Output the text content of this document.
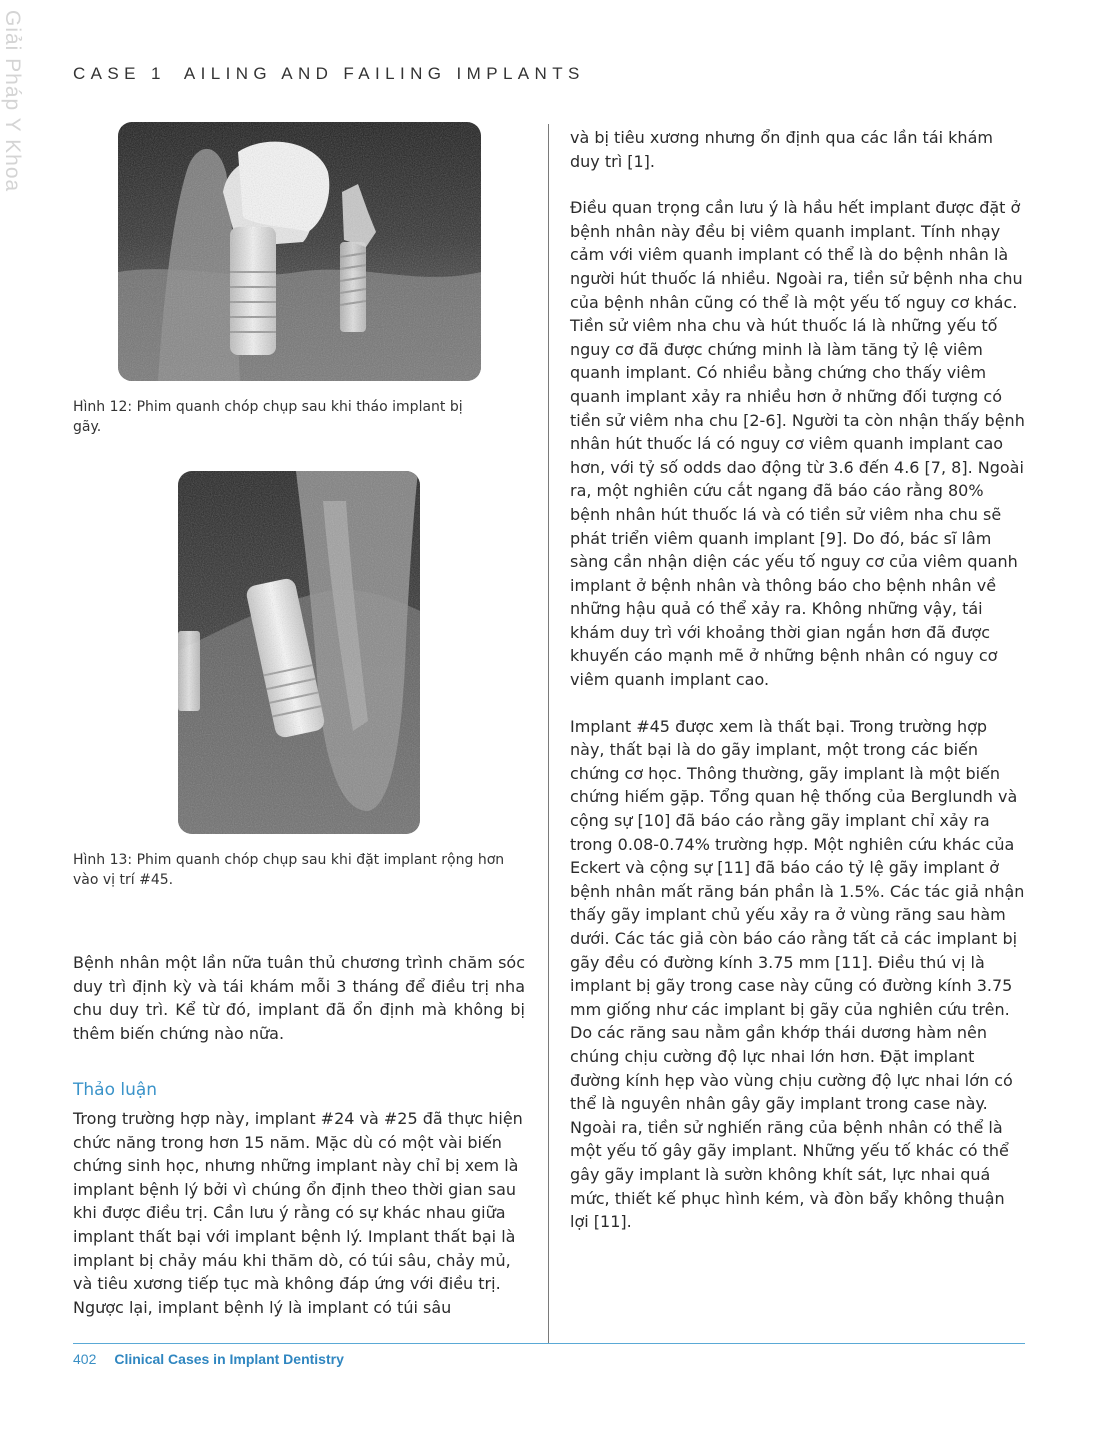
Giải Pháp Y Khoa	CASE 1 AILING AND FAILING IMPLANTS
Hình 12: Phim quanh chóp chụp sau khi tháo implant bị gãy.
Hình 13: Phim quanh chóp chụp sau khi đặt implant rộng hơn vào vị trí #45.

Bệnh nhân một lần nữa tuân thủ chương trình chăm sóc duy trì định kỳ và tái khám mỗi 3 tháng để điều trị nha chu duy trì. Kể từ đó, implant đã ổn định mà không bị thêm biến chứng nào nữa.

Thảo luận

Trong trường hợp này, implant #24 và #25 đã thực hiện chức năng trong hơn 15 năm. Mặc dù có một vài biến chứng sinh học, nhưng những implant này chỉ bị xem là implant bệnh lý bởi vì chúng ổn định theo thời gian sau khi được điều trị. Cần lưu ý rằng có sự khác nhau giữa implant thất bại với implant bệnh lý. Implant thất bại là implant bị chảy máu khi thăm dò, có túi sâu, chảy mủ, và tiêu xương tiếp tục mà không đáp ứng với điều trị. Ngược lại, implant bệnh lý là implant có túi sâu

và bị tiêu xương nhưng ổn định qua các lần tái khám duy trì [1].

Điều quan trọng cần lưu ý là hầu hết implant được đặt ở bệnh nhân này đều bị viêm quanh implant. Tính nhạy cảm với viêm quanh implant có thể là do bệnh nhân là người hút thuốc lá nhiều. Ngoài ra, tiền sử bệnh nha chu của bệnh nhân cũng có thể là một yếu tố nguy cơ khác. Tiền sử viêm nha chu và hút thuốc lá là những yếu tố nguy cơ đã được chứng minh là làm tăng tỷ lệ viêm quanh implant. Có nhiều bằng chứng cho thấy viêm quanh implant xảy ra nhiều hơn ở những đối tượng có tiền sử viêm nha chu [2-6]. Người ta còn nhận thấy bệnh nhân hút thuốc lá có nguy cơ viêm quanh implant cao hơn, với tỷ số odds dao động từ 3.6 đến 4.6 [7, 8]. Ngoài ra, một nghiên cứu cắt ngang đã báo cáo rằng 80% bệnh nhân hút thuốc lá và có tiền sử viêm nha chu sẽ phát triển viêm quanh implant [9]. Do đó, bác sĩ lâm sàng cần nhận diện các yếu tố nguy cơ của viêm quanh implant ở bệnh nhân và thông báo cho bệnh nhân về những hậu quả có thể xảy ra. Không những vậy, tái khám duy trì với khoảng thời gian ngắn hơn đã được khuyến cáo mạnh mẽ ở những bệnh nhân có nguy cơ viêm quanh implant cao.

Implant #45 được xem là thất bại. Trong trường hợp này, thất bại là do gãy implant, một trong các biến chứng cơ học. Thông thường, gãy implant là một biến chứng hiếm gặp. Tổng quan hệ thống của Berglundh và cộng sự [10] đã báo cáo rằng gãy implant chỉ xảy ra trong 0.08-0.74% trường hợp. Một nghiên cứu khác của Eckert và cộng sự [11] đã báo cáo tỷ lệ gãy implant ở bệnh nhân mất răng bán phần là 1.5%. Các tác giả nhận thấy gãy implant chủ yếu xảy ra ở vùng răng sau hàm dưới. Các tác giả còn báo cáo rằng tất cả các implant bị gãy đều có đường kính 3.75 mm [11]. Điều thú vị là implant bị gãy trong case này cũng có đường kính 3.75 mm giống như các implant bị gãy của nghiên cứu trên. Do các răng sau nằm gần khớp thái dương hàm nên chúng chịu cường độ lực nhai lớn hơn. Đặt implant đường kính hẹp vào vùng chịu cường độ lực nhai lớn có thể là nguyên nhân gây gãy implant trong case này. Ngoài ra, tiền sử nghiến răng của bệnh nhân có thể là một yếu tố gây gãy implant. Những yếu tố khác có thể gây gãy implant là sườn không khít sát, lực nhai quá mức, thiết kế phục hình kém, và đòn bẩy không thuận lợi [11].

402 Clinical Cases in Implant Dentistry
